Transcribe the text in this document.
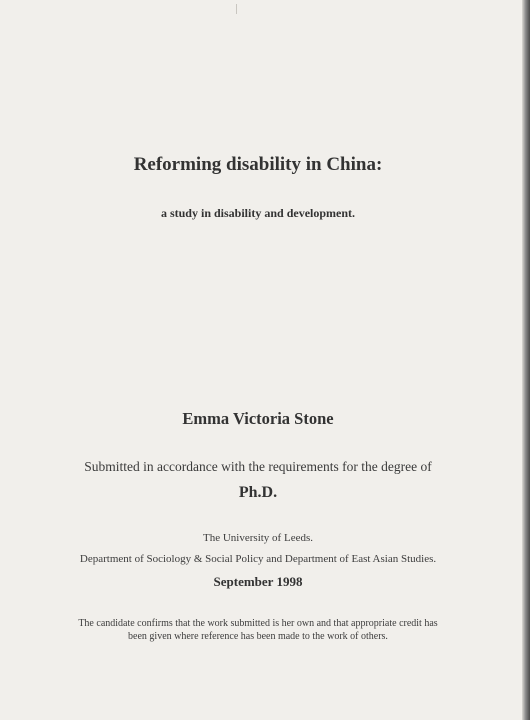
Reforming disability in China:
a study in disability and development.
Emma Victoria Stone
Submitted in accordance with the requirements for the degree of
Ph.D.
The University of Leeds.
Department of Sociology & Social Policy and Department of East Asian Studies.
September 1998
The candidate confirms that the work submitted is her own and that appropriate credit has
been given where reference has been made to the work of others.
